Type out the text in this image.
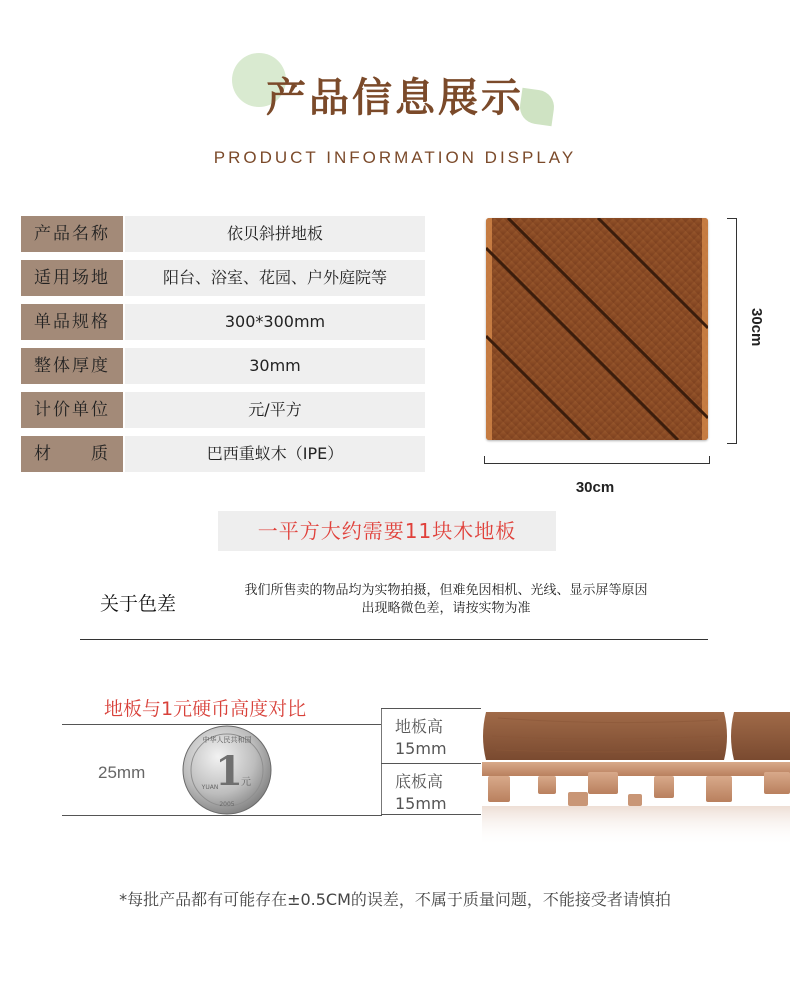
产品信息展示
PRODUCT INFORMATION DISPLAY
产品名称	依贝斜拼地板
适用场地	阳台、浴室、花园、户外庭院等
单品规格	300*300mm
整体厚度	30mm
计价单位	元/平方
材　　质	巴西重蚁木（IPE）
30cm
30cm
一平方大约需要11块木地板
关于色差
我们所售卖的物品均为实物拍摄，但难免因相机、光线、显示屏等原因
出现略微色差，请按实物为准
地板与1元硬币高度对比
25mm
中华人民共和国
1
元
YUAN
2005
地板高
15mm
底板高
15mm
*每批产品都有可能存在±0.5CM的误差，不属于质量问题，不能接受者请慎拍
